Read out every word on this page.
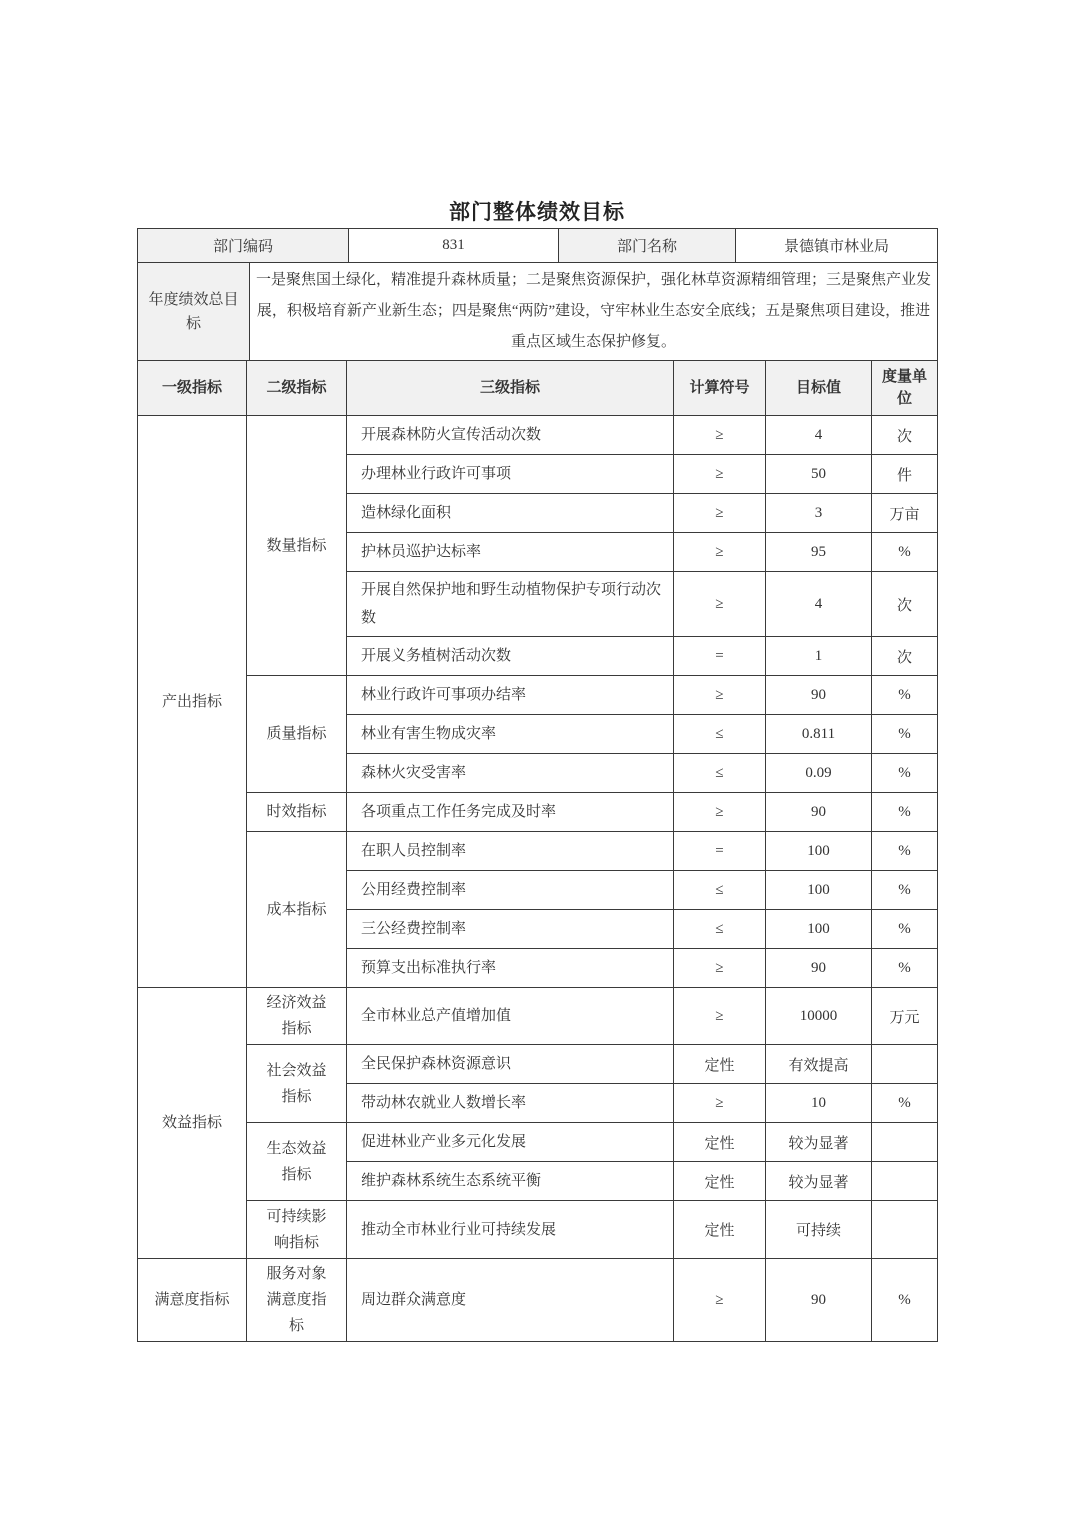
部门整体绩效目标
部门编码	831	部门名称	景德镇市林业局
年度绩效总目标	一是聚焦国土绿化，精准提升森林质量；二是聚焦资源保护，强化林草资源精细管理；三是聚焦产业发展，积极培育新产业新生态；四是聚焦“两防”建设，守牢林业生态安全底线；五是聚焦项目建设，推进重点区域生态保护修复。
一级指标	二级指标	三级指标	计算符号	目标值	度量单位
产出指标	数量指标	开展森林防火宣传活动次数	≥	4	次
		办理林业行政许可事项	≥	50	件
		造林绿化面积	≥	3	万亩
		护林员巡护达标率	≥	95	%
		开展自然保护地和野生动植物保护专项行动次数	≥	4	次
		开展义务植树活动次数	=	1	次
	质量指标	林业行政许可事项办结率	≥	90	%
		林业有害生物成灾率	≤	0.811	%
		森林火灾受害率	≤	0.09	%
	时效指标	各项重点工作任务完成及时率	≥	90	%
	成本指标	在职人员控制率	=	100	%
		公用经费控制率	≤	100	%
		三公经费控制率	≤	100	%
		预算支出标准执行率	≥	90	%
效益指标	经济效益指标	全市林业总产值增加值	≥	10000	万元
	社会效益指标	全民保护森林资源意识	定性	有效提高	
		带动林农就业人数增长率	≥	10	%
	生态效益指标	促进林业产业多元化发展	定性	较为显著	
		维护森林系统生态系统平衡	定性	较为显著	
	可持续影响指标	推动全市林业行业可持续发展	定性	可持续	
满意度指标	服务对象满意度指标	周边群众满意度	≥	90	%
